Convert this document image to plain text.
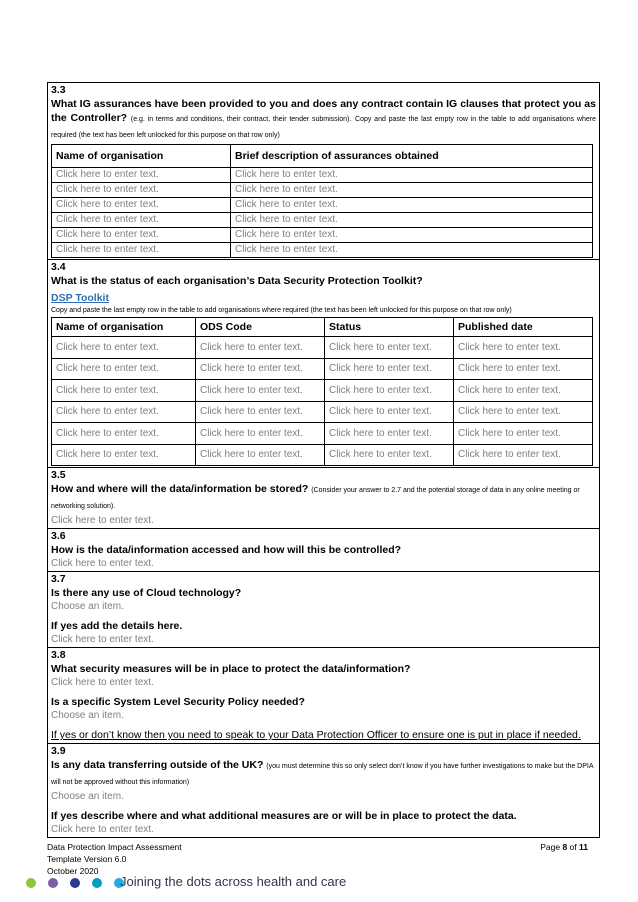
3.3
What IG assurances have been provided to you and does any contract contain IG clauses that protect you as the Controller? (e.g. in terms and conditions, their contract, their tender submission). Copy and paste the last empty row in the table to add organisations where required (the text has been left unlocked for this purpose on that row only)
Name of organisation	Brief description of assurances obtained
Click here to enter text.	Click here to enter text.
Click here to enter text.	Click here to enter text.
Click here to enter text.	Click here to enter text.
Click here to enter text.	Click here to enter text.
Click here to enter text.	Click here to enter text.
Click here to enter text.	Click here to enter text.
3.4
What is the status of each organisation’s Data Security Protection Toolkit?
DSP Toolkit
Copy and paste the last empty row in the table to add organisations where required (the text has been left unlocked for this purpose on that row only)
Name of organisation	ODS Code	Status	Published date
Click here to enter text.	Click here to enter text.	Click here to enter text.	Click here to enter text.
Click here to enter text.	Click here to enter text.	Click here to enter text.	Click here to enter text.
Click here to enter text.	Click here to enter text.	Click here to enter text.	Click here to enter text.
Click here to enter text.	Click here to enter text.	Click here to enter text.	Click here to enter text.
Click here to enter text.	Click here to enter text.	Click here to enter text.	Click here to enter text.
Click here to enter text.	Click here to enter text.	Click here to enter text.	Click here to enter text.
3.5
How and where will the data/information be stored? (Consider your answer to 2.7 and the potential storage of data in any online meeting or networking solution).
Click here to enter text.
3.6
How is the data/information accessed and how will this be controlled?
Click here to enter text.
3.7
Is there any use of Cloud technology?
Choose an item.
If yes add the details here.
Click here to enter text.
3.8
What security measures will be in place to protect the data/information?
Click here to enter text.
Is a specific System Level Security Policy needed?
Choose an item.
If yes or don’t know then you need to speak to your Data Protection Officer to ensure one is put in place if needed.
3.9
Is any data transferring outside of the UK? (you must determine this so only select don’t know if you have further investigations to make but the DPIA will not be approved without this information)
Choose an item.
If yes describe where and what additional measures are or will be in place to protect the data.
Click here to enter text.
Data Protection Impact Assessment
Template Version 6.0
October 2020
Page 8 of 11
Joining the dots across health and care
